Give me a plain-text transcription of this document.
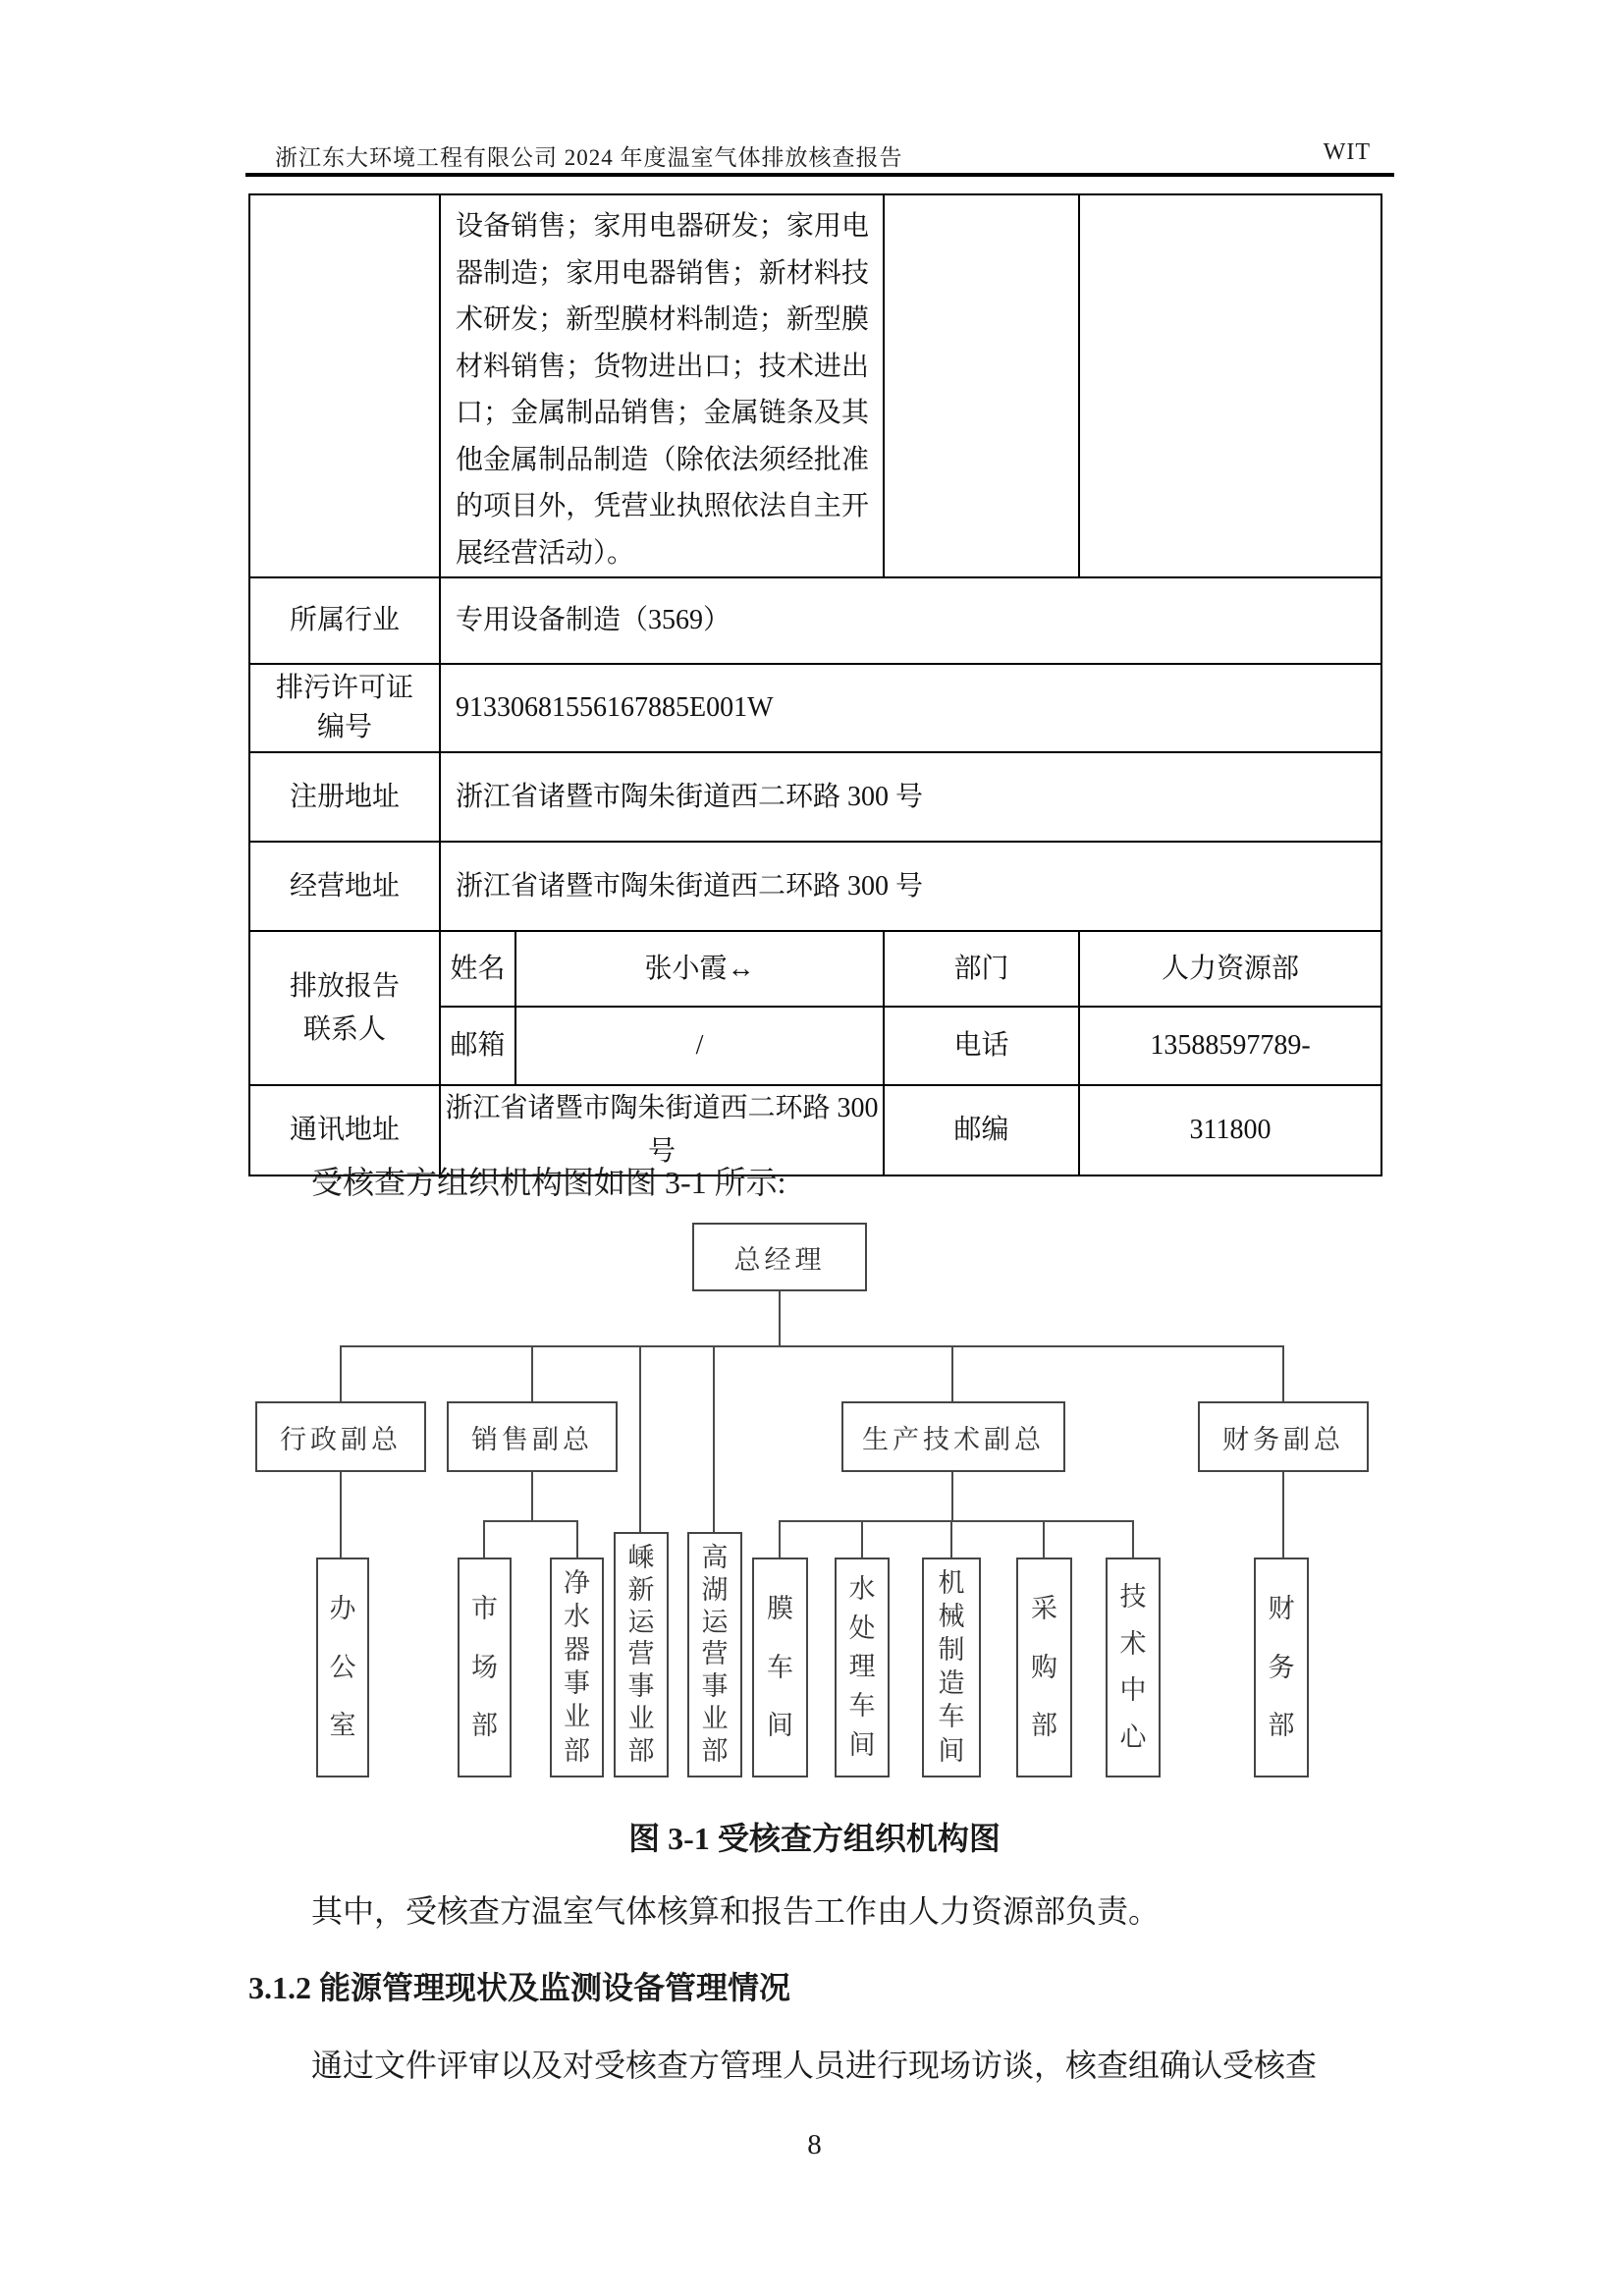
浙江东大环境工程有限公司 2024 年度温室气体排放核查报告	WIT
	设备销售；家用电器研发；家用电器制造；家用电器销售；新材料技术研发；新型膜材料制造；新型膜材料销售；货物进出口；技术进出口；金属制品销售；金属链条及其他金属制品制造（除依法须经批准的项目外，凭营业执照依法自主开展经营活动）。			
所属行业	专用设备制造（3569）			
排污许可证编号	91330681556167885E001W			
注册地址	浙江省诸暨市陶朱街道西二环路 300 号			
经营地址	浙江省诸暨市陶朱街道西二环路 300 号			
排放报告联系人	姓名	张小霞↔	部门	人力资源部
	邮箱	/	电话	13588597789-
通讯地址	浙江省诸暨市陶朱街道西二环路 300 号		邮编	311800

受核查方组织机构图如图 3-1 所示:

总经理
行政副总	销售副总	生产技术副总	财务副总
办
公
室
市
场
部
净
水
器
事
业
部
嵊
新
运
营
事
业
部
高
湖
运
营
事
业
部
膜
车
间
水
处
理
车
间
机
械
制
造
车
间
采
购
部
技
术
中
心
财
务
部

图 3-1 受核查方组织机构图

其中，受核查方温室气体核算和报告工作由人力资源部负责。

3.1.2 能源管理现状及监测设备管理情况

通过文件评审以及对受核查方管理人员进行现场访谈，核查组确认受核查

8
